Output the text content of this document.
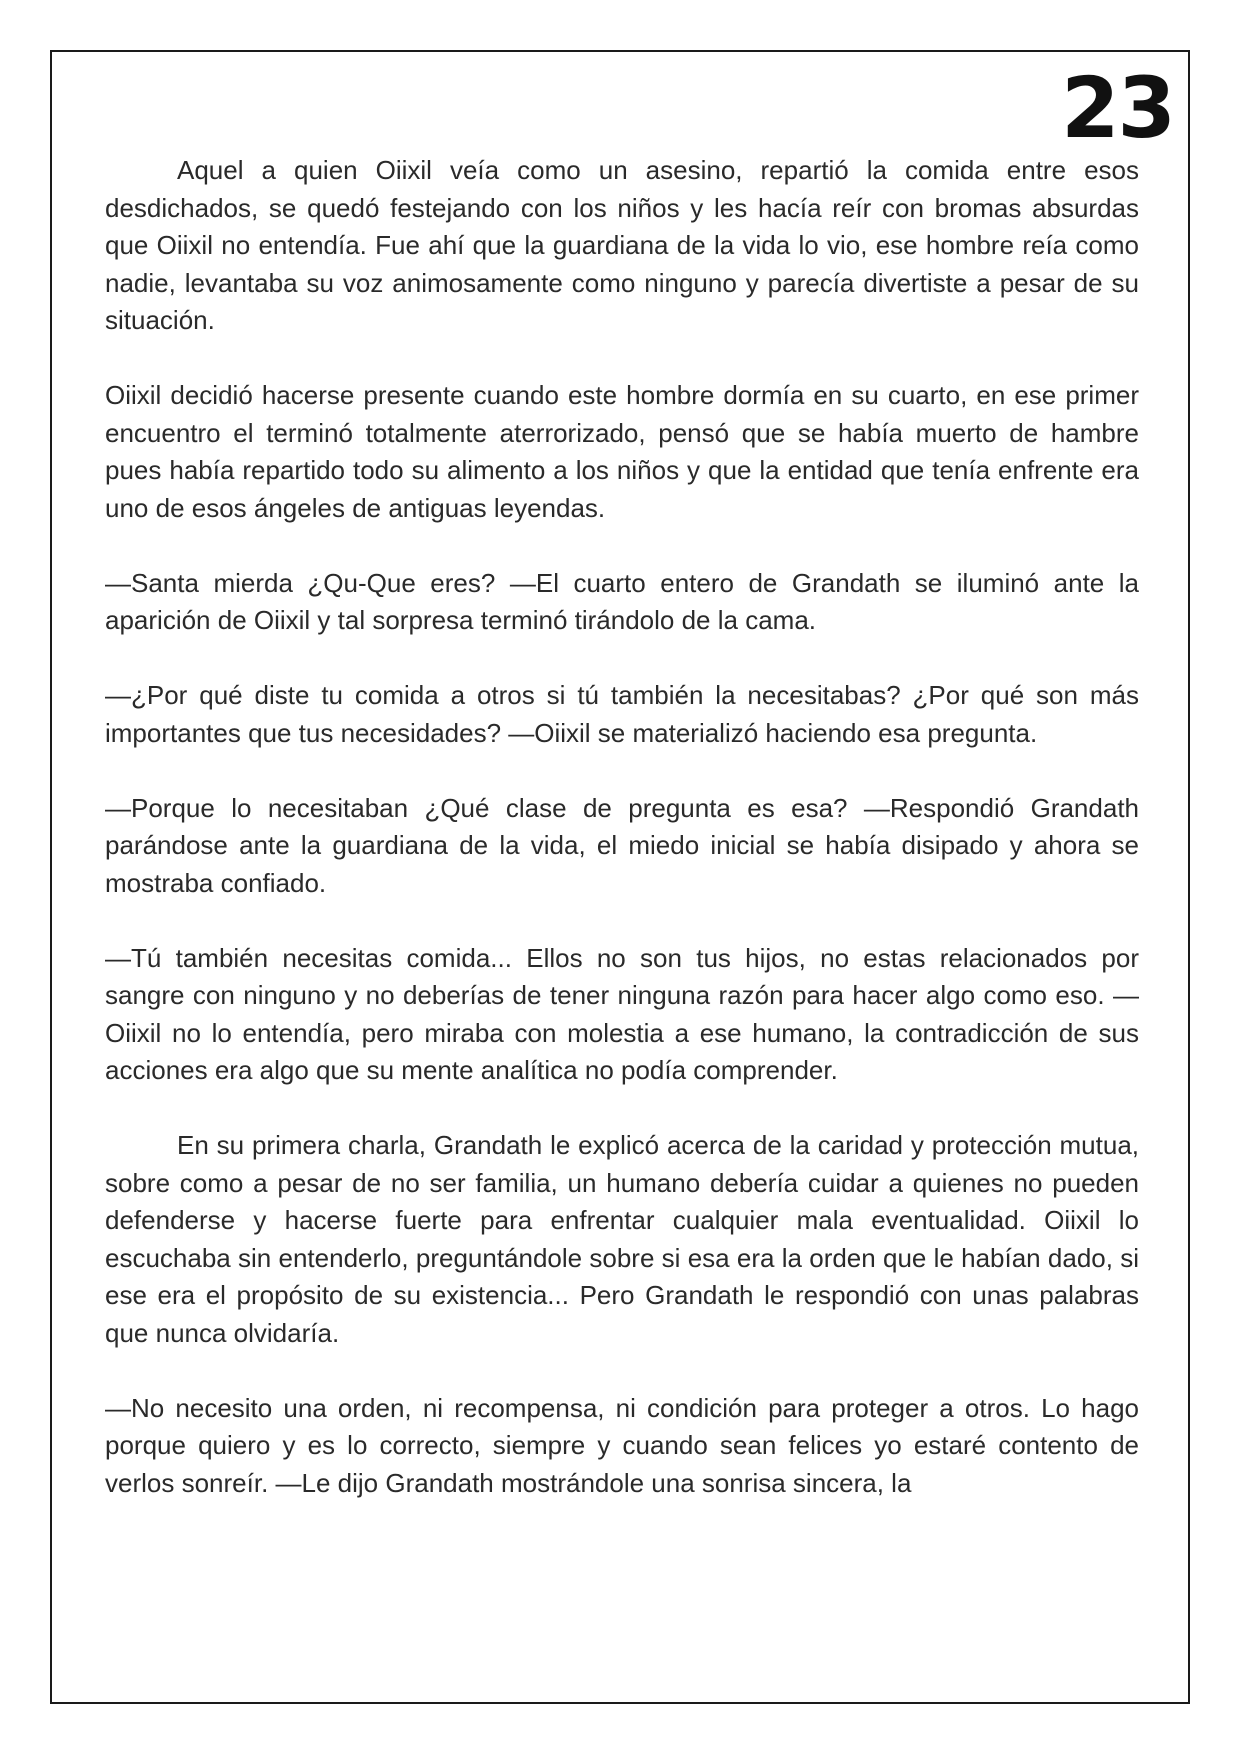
23

Aquel a quien Oiixil veía como un asesino, repartió la comida entre esos desdichados, se quedó festejando con los niños y les hacía reír con bromas absurdas que Oiixil no entendía. Fue ahí que la guardiana de la vida lo vio, ese hombre reía como nadie, levantaba su voz animosamente como ninguno y parecía divertiste a pesar de su situación.

Oiixil decidió hacerse presente cuando este hombre dormía en su cuarto, en ese primer encuentro el terminó totalmente aterrorizado, pensó que se había muerto de hambre pues había repartido todo su alimento a los niños y que la entidad que tenía enfrente era uno de esos ángeles de antiguas leyendas.

—Santa mierda ¿Qu-Que eres? —El cuarto entero de Grandath se iluminó ante la aparición de Oiixil y tal sorpresa terminó tirándolo de la cama.

—¿Por qué diste tu comida a otros si tú también la necesitabas? ¿Por qué son más importantes que tus necesidades? —Oiixil se materializó haciendo esa pregunta.

—Porque lo necesitaban ¿Qué clase de pregunta es esa? —Respondió Grandath parándose ante la guardiana de la vida, el miedo inicial se había disipado y ahora se mostraba confiado.

—Tú también necesitas comida... Ellos no son tus hijos, no estas relacionados por sangre con ninguno y no deberías de tener ninguna razón para hacer algo como eso. —Oiixil no lo entendía, pero miraba con molestia a ese humano, la contradicción de sus acciones era algo que su mente analítica no podía comprender.

En su primera charla, Grandath le explicó acerca de la caridad y protección mutua, sobre como a pesar de no ser familia, un humano debería cuidar a quienes no pueden defenderse y hacerse fuerte para enfrentar cualquier mala eventualidad. Oiixil lo escuchaba sin entenderlo, preguntándole sobre si esa era la orden que le habían dado, si ese era el propósito de su existencia... Pero Grandath le respondió con unas palabras que nunca olvidaría.

—No necesito una orden, ni recompensa, ni condición para proteger a otros. Lo hago porque quiero y es lo correcto, siempre y cuando sean felices yo estaré contento de verlos sonreír. —Le dijo Grandath mostrándole una sonrisa sincera, la
